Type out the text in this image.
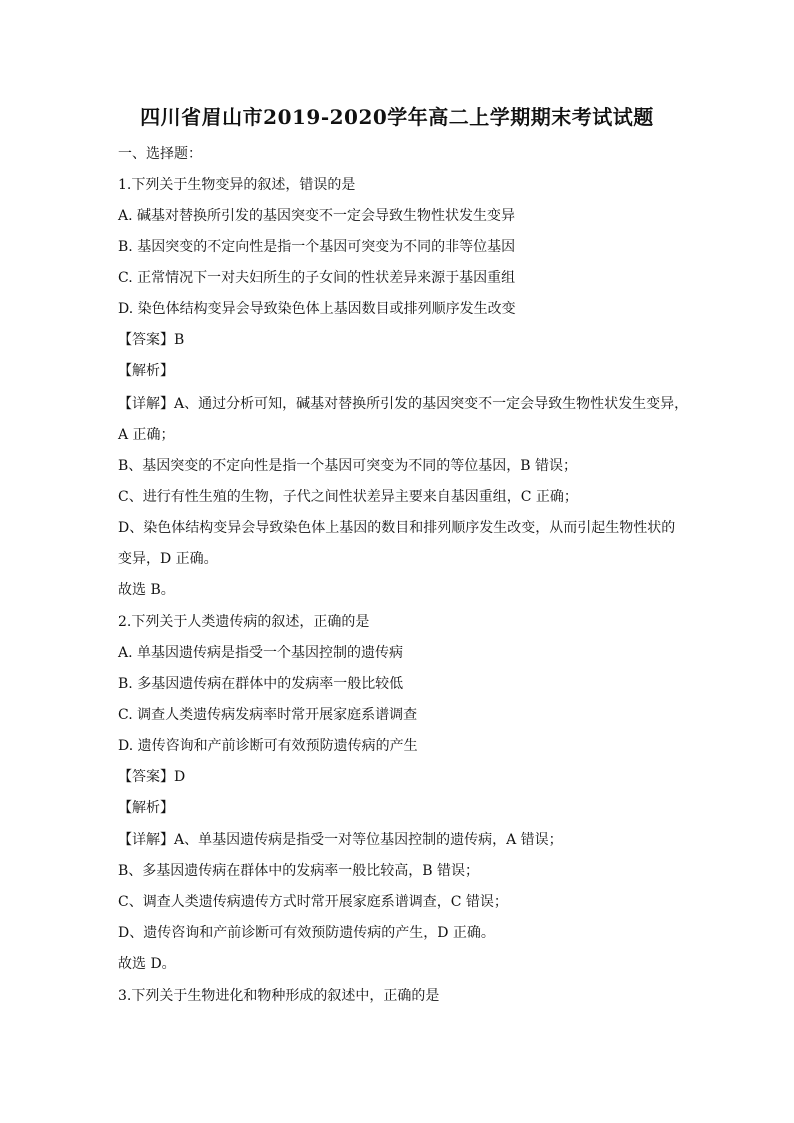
四川省眉山市2019-2020学年高二上学期期末考试试题
一、选择题：
1.下列关于生物变异的叙述，错误的是
A. 碱基对替换所引发的基因突变不一定会导致生物性状发生变异
B. 基因突变的不定向性是指一个基因可突变为不同的非等位基因
C. 正常情况下一对夫妇所生的子女间的性状差异来源于基因重组
D. 染色体结构变异会导致染色体上基因数目或排列顺序发生改变
【答案】B
【解析】
【详解】A、通过分析可知，碱基对替换所引发的基因突变不一定会导致生物性状发生变异，
A 正确；
B、基因突变的不定向性是指一个基因可突变为不同的等位基因，B 错误；
C、进行有性生殖的生物，子代之间性状差异主要来自基因重组，C 正确；
D、染色体结构变异会导致染色体上基因的数目和排列顺序发生改变，从而引起生物性状的
变异，D 正确。
故选 B。
2.下列关于人类遗传病的叙述，正确的是
A. 单基因遗传病是指受一个基因控制的遗传病
B. 多基因遗传病在群体中的发病率一般比较低
C. 调查人类遗传病发病率时常开展家庭系谱调查
D. 遗传咨询和产前诊断可有效预防遗传病的产生
【答案】D
【解析】
【详解】A、单基因遗传病是指受一对等位基因控制的遗传病，A 错误；
B、多基因遗传病在群体中的发病率一般比较高，B 错误；
C、调查人类遗传病遗传方式时常开展家庭系谱调查，C 错误；
D、遗传咨询和产前诊断可有效预防遗传病的产生，D 正确。
故选 D。
3.下列关于生物进化和物种形成的叙述中，正确的是
